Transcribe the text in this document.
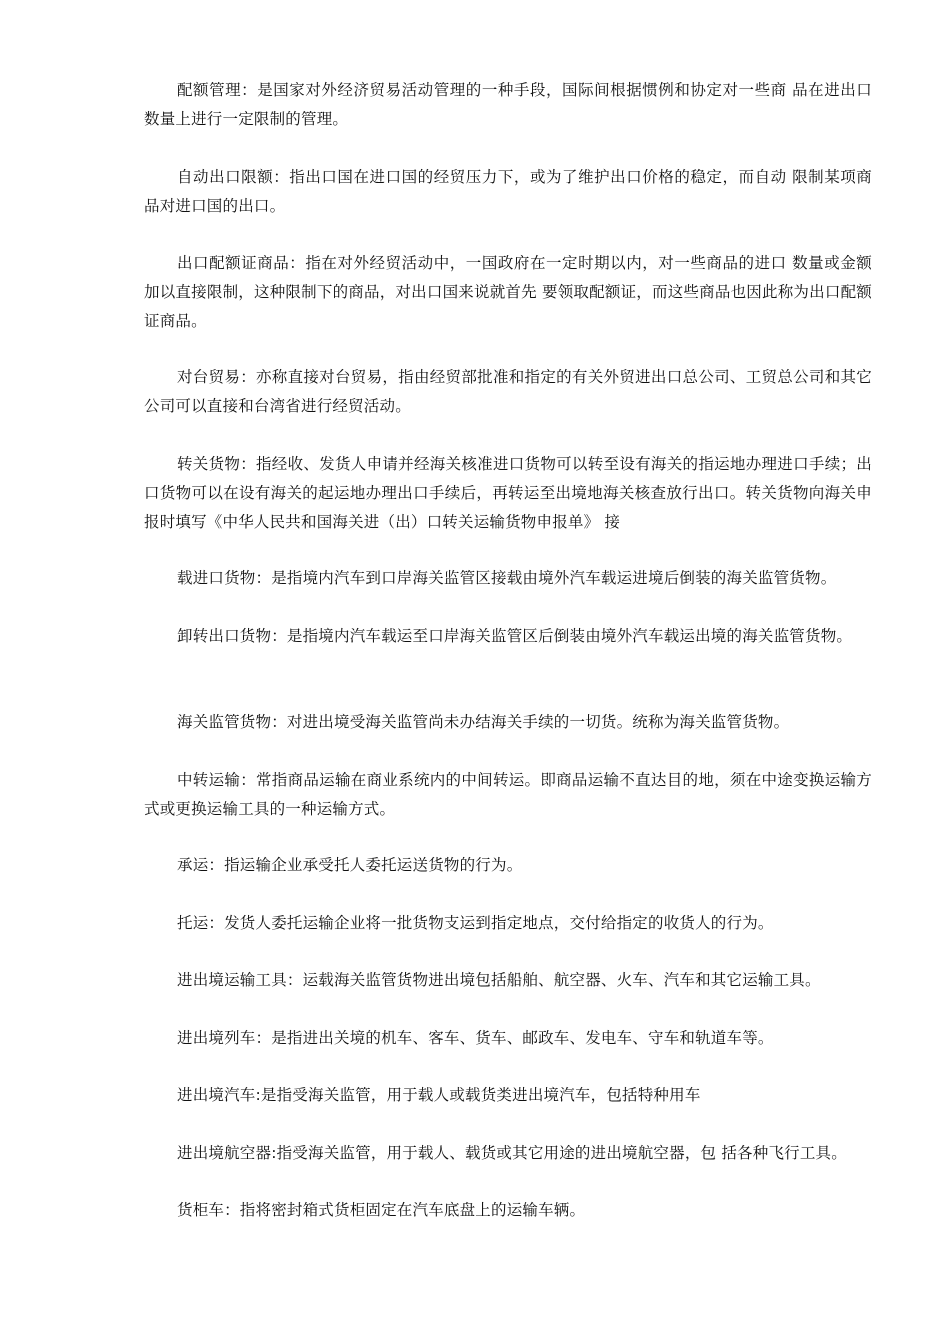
配额管理：是国家对外经济贸易活动管理的一种手段，国际间根据惯例和协定对一些商 品在进出口数量上进行一定限制的管理。

自动出口限额：指出口国在进口国的经贸压力下，或为了维护出口价格的稳定，而自动 限制某项商品对进口国的出口。

出口配额证商品：指在对外经贸活动中，一国政府在一定时期以内，对一些商品的进口 数量或金额加以直接限制，这种限制下的商品，对出口国来说就首先 要领取配额证，而这些商品也因此称为出口配额证商品。

对台贸易：亦称直接对台贸易，指由经贸部批准和指定的有关外贸进出口总公司、工贸总公司和其它公司可以直接和台湾省进行经贸活动。

转关货物：指经收、发货人申请并经海关核准进口货物可以转至设有海关的指运地办理进口手续；出口货物可以在设有海关的起运地办理出口手续后，再转运至出境地海关核查放行出口。转关货物向海关申报时填写《中华人民共和国海关进（出）口转关运输货物申报单》 接

载进口货物：是指境内汽车到口岸海关监管区接载由境外汽车载运进境后倒装的海关监管货物。

卸转出口货物：是指境内汽车载运至口岸海关监管区后倒装由境外汽车载运出境的海关监管货物。

海关监管货物：对进出境受海关监管尚未办结海关手续的一切货。统称为海关监管货物。

中转运输：常指商品运输在商业系统内的中间转运。即商品运输不直达目的地，须在中途变换运输方式或更换运输工具的一种运输方式。

承运：指运输企业承受托人委托运送货物的行为。

托运：发货人委托运输企业将一批货物支运到指定地点，交付给指定的收货人的行为。

进出境运输工具：运载海关监管货物进出境包括船舶、航空器、火车、汽车和其它运输工具。

进出境列车：是指进出关境的机车、客车、货车、邮政车、发电车、守车和轨道车等。

进出境汽车:是指受海关监管，用于载人或载货类进出境汽车，包括特种用车

进出境航空器:指受海关监管，用于载人、载货或其它用途的进出境航空器，包 括各种飞行工具。

货柜车：指将密封箱式货柜固定在汽车底盘上的运输车辆。
